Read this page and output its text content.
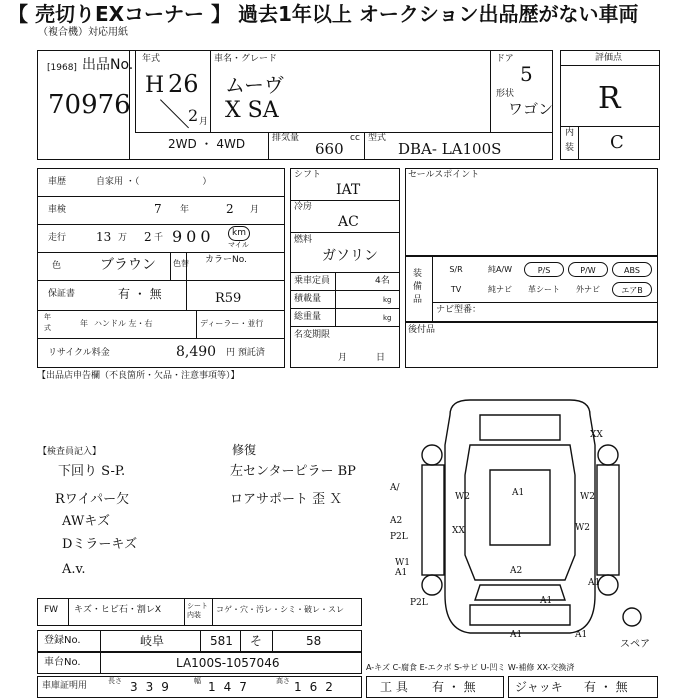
【 売切りEXコーナー 】 過去1年以上 オークション出品歴がない車両
（複合機）対応用紙
出品No.
[1968]
70976
年式
H 26
2 月
車名・グレード
ムーヴ
X SA
ドア
5
形状
ワゴン
2WD ・ 4WD	排気量	cc
660
型式
DBA- LA100S
評価点
R
内
装 C
車歴	自家用 ・（　　　　　　　）
車検	7 年	2 月
走行 13 万 2 千 900	km
マイル
色	ブラウン 色替 カラーNo.
R59
保証書	有 ・ 無
年
式	年 ハンドル 左・右	ディーラー・並行
リサイクル料金	8,490 円 預託済
シフト
IAT
冷房
AC
燃料
ガソリン
乗車定員	4名
積載量	kg
総重量	kg
名変期限
月	日
セールスポイント
装備品
S/R	純A/W	P/S	P/W	ABS
TV	純ナビ	革シート	外ナビ	エアB
ナビ型番：
後付品
【出品店申告欄（不良箇所・欠品・注意事項等）】
【検査員記入】
下回り S-P.
Rワイパー欠
AWキズ
Dミラーキズ
A.v.
修復
左センターピラー BP
ロアサポート 歪 Ｘ
XX
A/
W2	A1	W2
A2
P2L
XX
W1
A1	A2
P2L
W2
A1
A1	A1
A1
スペア
FW キズ・ヒビ石・割レX	シート内装
コゲ・穴・汚レ・シミ・破レ・スレ
登録No.	岐阜	581 そ	58
車台No.	LA100S-1057046	A-キズ C-腐食 E-エクボ S-サビ U-凹ミ W-補修 XX-交換済
車庫証明用	長さ 339 幅 147	高さ 162	工 具 有 ・ 無	ジャッキ 有 ・ 無
